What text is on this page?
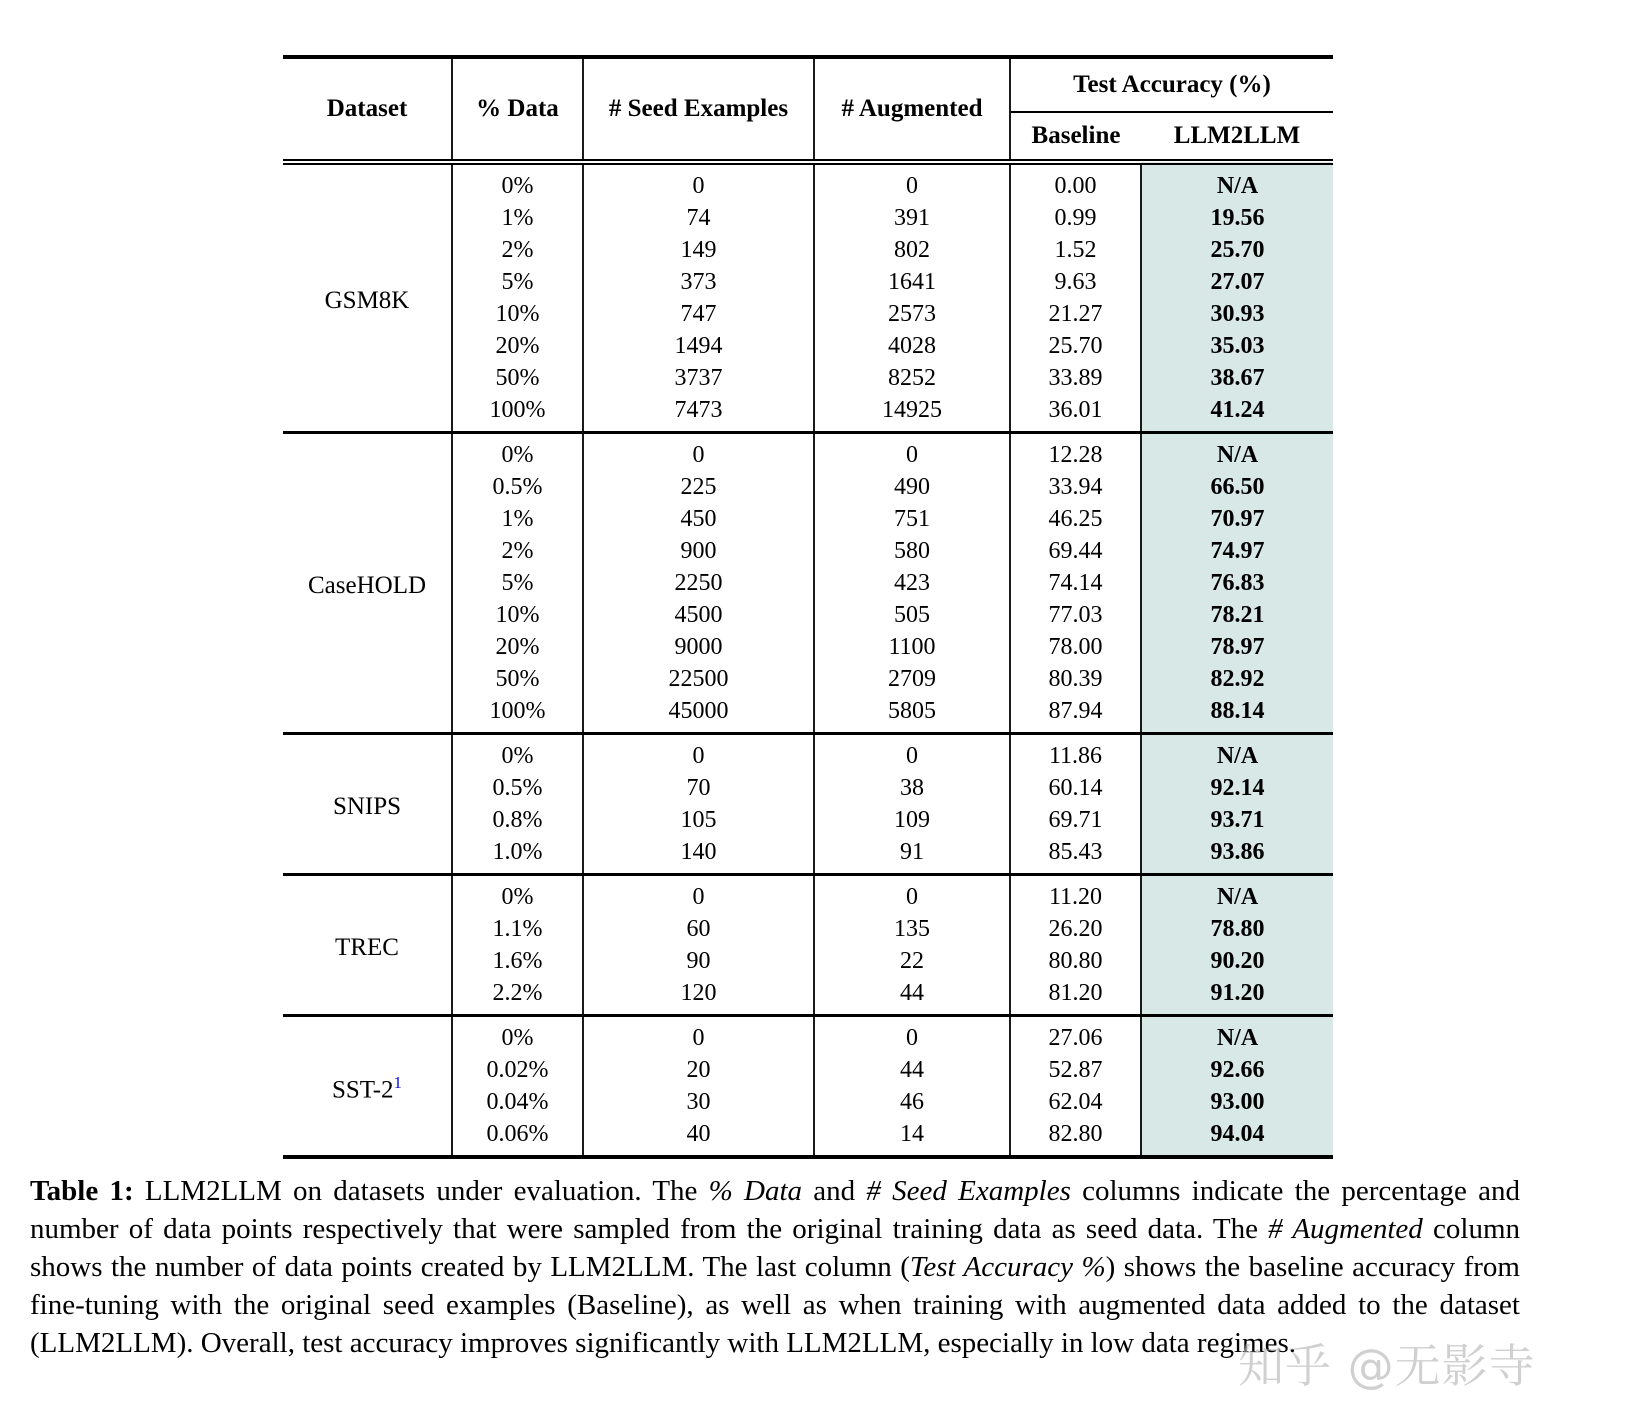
Dataset	% Data	# Seed Examples	# Augmented	Test Accuracy (%)	
				Baseline	LLM2LLM
GSM8K	0%	0	0	0.00	N/A
	1%	74	391	0.99	19.56
	2%	149	802	1.52	25.70
	5%	373	1641	9.63	27.07
	10%	747	2573	21.27	30.93
	20%	1494	4028	25.70	35.03
	50%	3737	8252	33.89	38.67
	100%	7473	14925	36.01	41.24
CaseHOLD	0%	0	0	12.28	N/A
	0.5%	225	490	33.94	66.50
	1%	450	751	46.25	70.97
	2%	900	580	69.44	74.97
	5%	2250	423	74.14	76.83
	10%	4500	505	77.03	78.21
	20%	9000	1100	78.00	78.97
	50%	22500	2709	80.39	82.92
	100%	45000	5805	87.94	88.14
SNIPS	0%	0	0	11.86	N/A
	0.5%	70	38	60.14	92.14
	0.8%	105	109	69.71	93.71
	1.0%	140	91	85.43	93.86
TREC	0%	0	0	11.20	N/A
	1.1%	60	135	26.20	78.80
	1.6%	90	22	80.80	90.20
	2.2%	120	44	81.20	91.20
SST-$2^1$	0%	0	0	27.06	N/A
	0.02%	20	44	52.87	92.66
	0.04%	30	46	62.04	93.00
	0.06%	40	14	82.80	94.04
Table 1: LLM2LLM on datasets under evaluation. The % Data and # Seed Examples columns indicate the percentage and number of data points respectively that were sampled from the original training data as seed data. The # Augmented column shows the number of data points created by LLM2LLM. The last column (Test Accuracy %) shows the baseline accuracy from fine-tuning with the original seed examples (Baseline), as well as when training with augmented data added to the dataset (LLM2LLM). Overall, test accuracy improves significantly with LLM2LLM, especially in low data regimes.
知乎 @无影寺
